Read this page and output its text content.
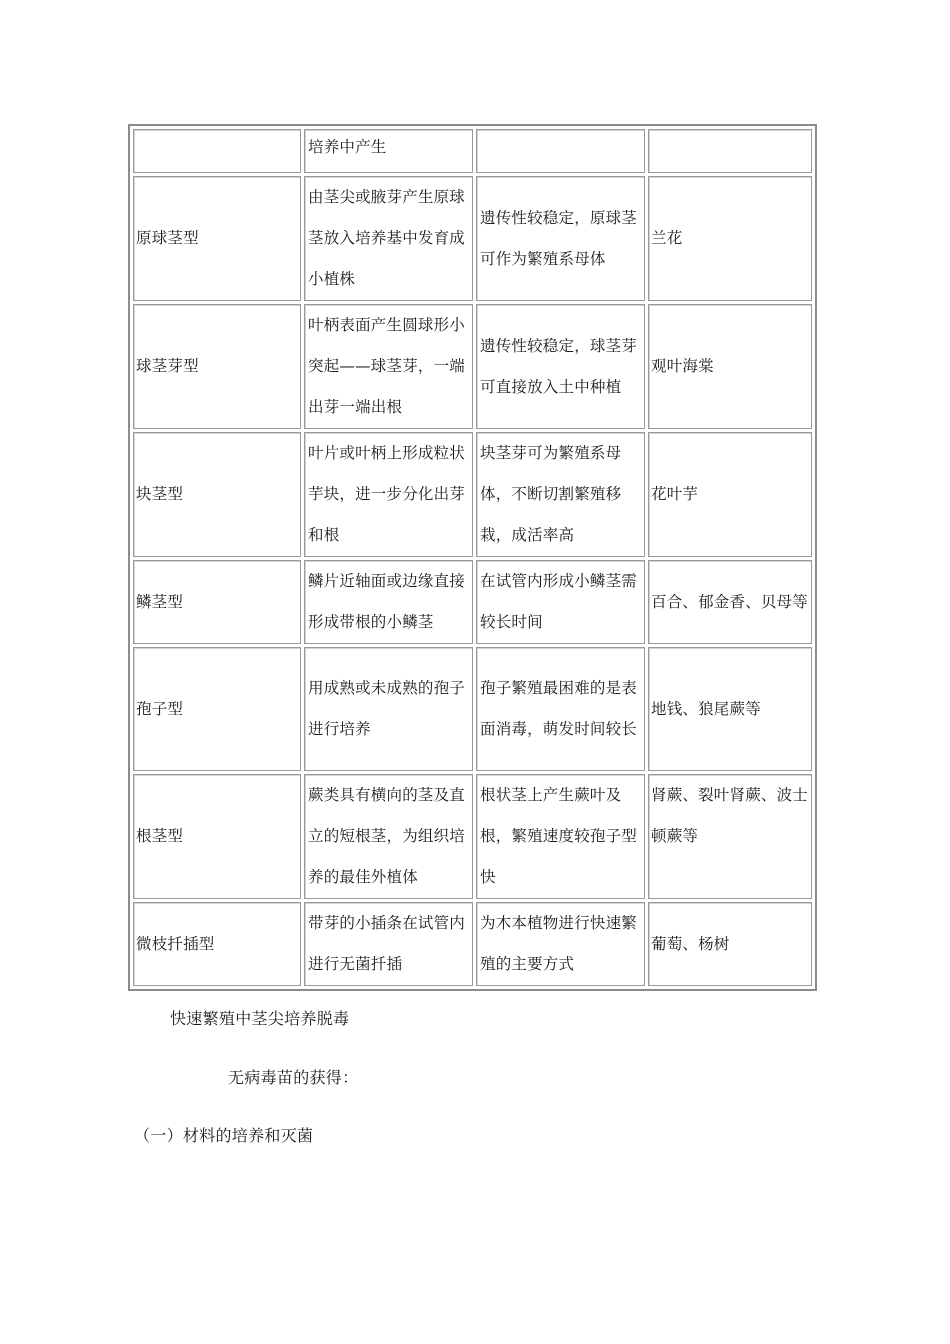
	培养中产生		
原球茎型	由茎尖或腋芽产生原球茎放入培养基中发育成小植株	遗传性较稳定，原球茎可作为繁殖系母体	兰花
球茎芽型	叶柄表面产生圆球形小突起——球茎芽，一端出芽一端出根	遗传性较稳定，球茎芽可直接放入土中种植	观叶海棠
块茎型	叶片或叶柄上形成粒状芋块，进一步分化出芽和根	块茎芽可为繁殖系母体，不断切割繁殖移栽，成活率高	花叶芋
鳞茎型	鳞片近轴面或边缘直接形成带根的小鳞茎	在试管内形成小鳞茎需较长时间	百合、郁金香、贝母等
孢子型	用成熟或未成熟的孢子进行培养	孢子繁殖最困难的是表面消毒，萌发时间较长	地钱、狼尾蕨等
根茎型	蕨类具有横向的茎及直立的短根茎，为组织培养的最佳外植体	根状茎上产生蕨叶及根，繁殖速度较孢子型快	肾蕨、裂叶肾蕨、波士顿蕨等
微枝扦插型	带芽的小插条在试管内进行无菌扦插	为木本植物进行快速繁殖的主要方式	葡萄、杨树
快速繁殖中茎尖培养脱毒
无病毒苗的获得：
（一）材料的培养和灭菌
